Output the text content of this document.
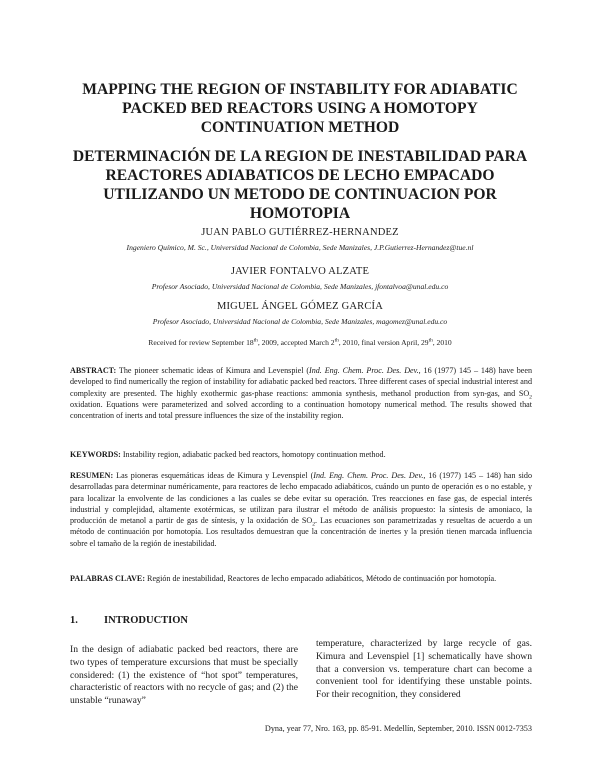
MAPPING THE REGION OF INSTABILITY FOR ADIABATIC
PACKED BED REACTORS USING A HOMOTOPY
CONTINUATION METHOD
DETERMINACIÓN DE LA REGION DE INESTABILIDAD PARA
REACTORES ADIABATICOS DE LECHO EMPACADO
UTILIZANDO UN METODO DE CONTINUACION POR
HOMOTOPIA
JUAN PABLO GUTIÉRREZ-HERNANDEZ
Ingeniero Químico, M. Sc., Universidad Nacional de Colombia, Sede Manizales, J.P.Gutierrez-Hernandez@tue.nl
JAVIER FONTALVO ALZATE
Profesor Asociado, Universidad Nacional de Colombia, Sede Manizales, jfontalvoa@unal.edu.co
MIGUEL ÁNGEL GÓMEZ GARCÍA
Profesor Asociado, Universidad Nacional de Colombia, Sede Manizales, magomez@unal.edu.co
Received for review September 18th, 2009, accepted March 2th, 2010, final version April, 29th, 2010
ABSTRACT: The pioneer schematic ideas of Kimura and Levenspiel (Ind. Eng. Chem. Proc. Des. Dev., 16 (1977) 145 – 148) have been developed to find numerically the region of instability for adiabatic packed bed reactors. Three different cases of special industrial interest and complexity are presented. The highly exothermic gas-phase reactions: ammonia synthesis, methanol production from syn-gas, and $SO_2$ oxidation. Equations were parameterized and solved according to a continuation homotopy numerical method. The results showed that concentration of inerts and total pressure influences the size of the instability region.
KEYWORDS: Instability region, adiabatic packed bed reactors, homotopy continuation method.
RESUMEN: Las pioneras esquemáticas ideas de Kimura y Levenspiel (Ind. Eng. Chem. Proc. Des. Dev., 16 (1977) 145 – 148) han sido desarrolladas para determinar numéricamente, para reactores de lecho empacado adiabáticos, cuándo un punto de operación es o no estable, y para localizar la envolvente de las condiciones a las cuales se debe evitar su operación. Tres reacciones en fase gas, de especial interés industrial y complejidad, altamente exotérmicas, se utilizan para ilustrar el método de análisis propuesto: la síntesis de amoniaco, la producción de metanol a partir de gas de síntesis, y la oxidación de $SO_2$. Las ecuaciones son parametrizadas y resueltas de acuerdo a un método de continuación por homotopía. Los resultados demuestran que la concentración de inertes y la presión tienen marcada influencia sobre el tamaño de la región de inestabilidad.
PALABRAS CLAVE: Región de inestabilidad, Reactores de lecho empacado adiabáticos, Método de continuación por homotopía.
1.	INTRODUCTION
In the design of adiabatic packed bed reactors, there are two types of temperature excursions that must be specially considered: (1) the existence of “hot spot” temperatures, characteristic of reactors with no recycle of gas; and (2) the unstable “runaway”
temperature, characterized by large recycle of gas. Kimura and Levenspiel [1] schematically have shown that a conversion vs. temperature chart can become a convenient tool for identifying these unstable points. For their recognition, they considered
Dyna, year 77, Nro. 163, pp. 85-91. Medellín, September, 2010. ISSN 0012-7353
